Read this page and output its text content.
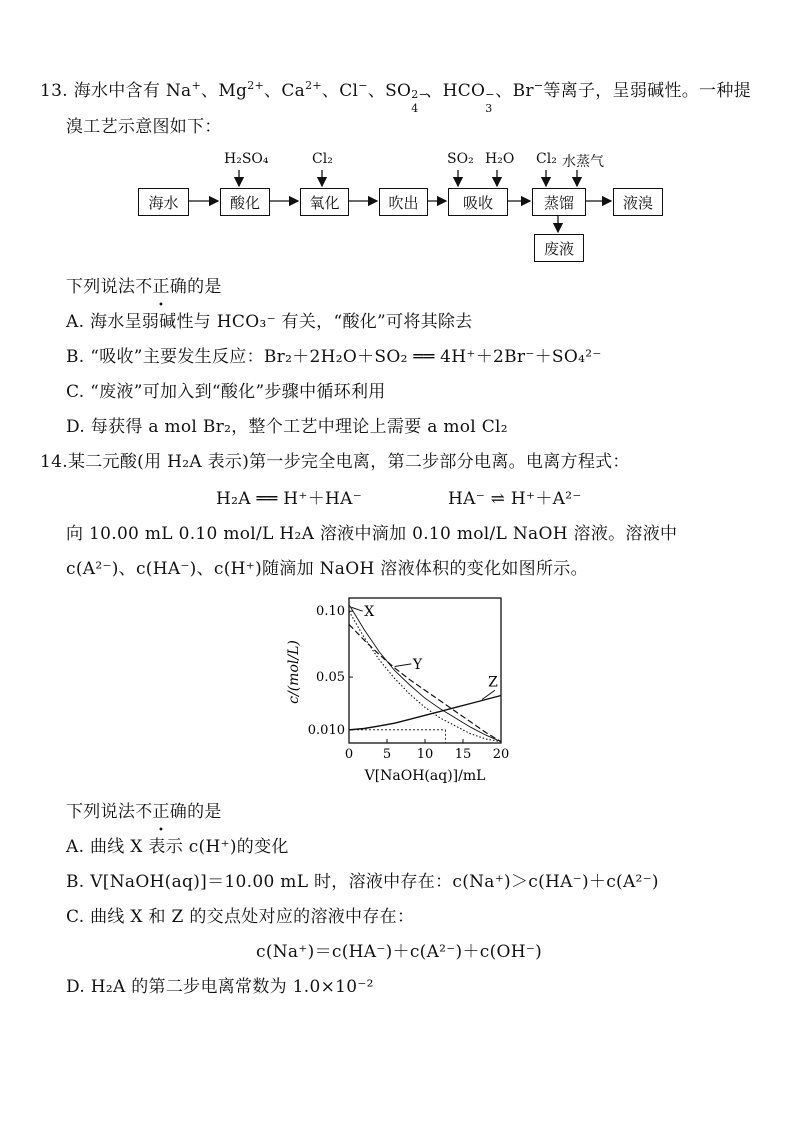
13. 海水中含有 Na+、$Mg^{2+}$、$Ca^{2+}$、Cl−、SO 2−
4
、HCO −
3
、Br−等离子，呈弱碱性。一种提
溴工艺示意图如下：
H₂SO₄	Cl₂	SO₂ H₂O Cl₂ 水蒸气
海水	酸化	氧化	吹出	吸收	蒸馏	液溴
废液
下列说法不正确的是
A. 海水呈弱碱性与 HCO₃⁻ 有关，“酸化”可将其除去
B. “吸收”主要发生反应：Br₂＋2H₂O＋SO₂ ══ 4H⁺＋2Br⁻＋SO₄²⁻
C. “废液”可加入到“酸化”步骤中循环利用
D. 每获得 a mol Br₂，整个工艺中理论上需要 a mol Cl₂
14.某二元酸(用 H₂A 表示)第一步完全电离，第二步部分电离。电离方程式：
H₂A ══ H⁺＋HA⁻	HA⁻ ⇌ H⁺＋A²⁻
向 10.00 mL 0.10 mol/L H₂A 溶液中滴加 0.10 mol/L NaOH 溶液。溶液中
c(A²⁻)、c(HA⁻)、c(H⁺)随滴加 NaOH 溶液体积的变化如图所示。
0 5 10 15 20
0.010
0.05
0.10 X
Y
Z
c/(mol/L)
V[NaOH(aq)]/mL
下列说法不正确的是
A. 曲线 X 表示 c(H⁺)的变化
B. V[NaOH(aq)]＝10.00 mL 时，溶液中存在：c(Na⁺)＞c(HA⁻)＋c(A²⁻)
C. 曲线 X 和 Z 的交点处对应的溶液中存在：
c(Na⁺)＝c(HA⁻)＋c(A²⁻)＋c(OH⁻)
D. H₂A 的第二步电离常数为 1.0×10⁻²
